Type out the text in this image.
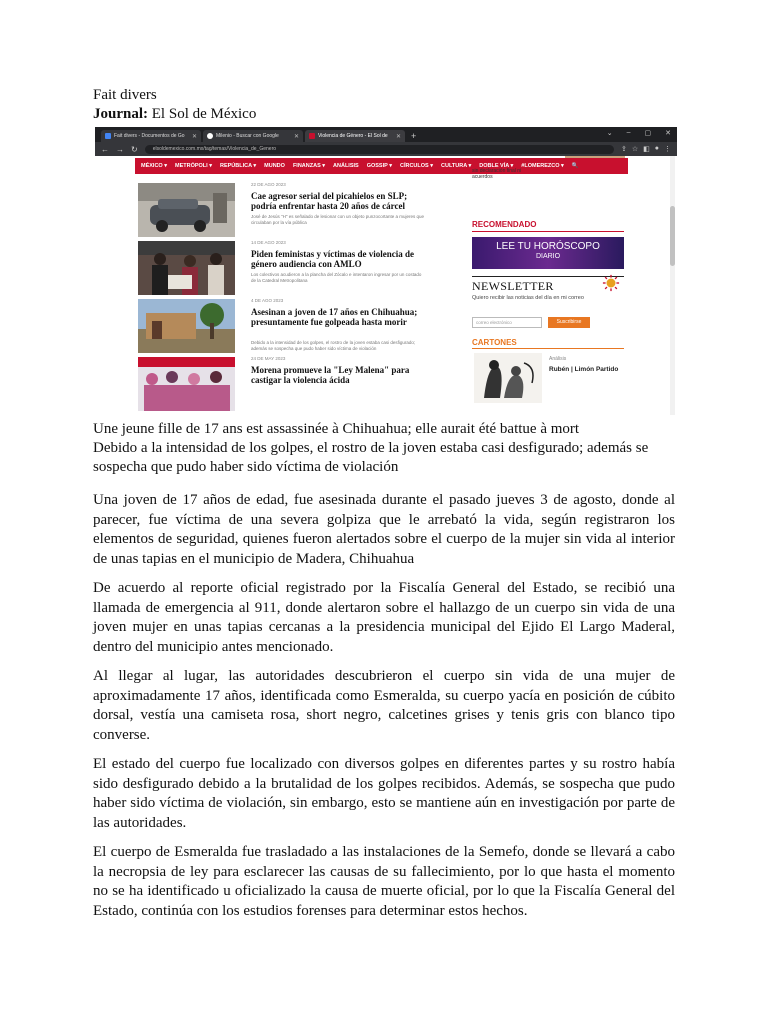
Fait divers
Journal: El Sol de México
Fait divers - Documentos de Go ✕	Milenio - Buscar con Google	✕	Violencia de Género - El Sol de ✕ +	⌄ – ▢ ✕
← → ↻	elsoldemexico.com.mx/tag/temas/Violencia_de_Genero	⇪ ☆ ◧ ● ⋮
MÉXICO ▾ METRÓPOLI ▾ REPÚBLICA ▾ MUNDO FINANZAS ▾ ANÁLISIS GOSSIP ▾ CÍRCULOS ▾ CULTURA ▾ DOBLE VÍA ▾ #LOMEREZCO ▾ 🔍
22 DE AGO 2023
Cae agresor serial del picahielos en SLP; podría enfrentar hasta 20 años de cárcel
José de Jesús "H" es señalado de lesionar con un objeto punzocortante a mujeres que circulaban por la vía pública
14 DE AGO 2023
Piden feministas y víctimas de violencia de género audiencia con AMLO
Los colectivos acudieron a la plancha del Zócalo e intentaron ingresar por un costado de la Catedral Metropolitana
4 DE AGO 2023
Asesinan a joven de 17 años en Chihuahua; presuntamente fue golpeada hasta morir
Debido a la intensidad de los golpes, el rostro de la joven estaba casi desfigurado; además se sospecha que pudo haber sido víctima de violación
24 DE MAY 2023
Morena promueve la "Ley Malena" para castigar la violencia ácida
sin declaración final ni acuerdos
RECOMENDADO
LEE TU HORÓSCOPO
DIARIO
NEWSLETTER
Quiero recibir las noticias del día en mi correo
correo electrónico	Suscribirse
CARTONES
Análisis
Rubén | Limón Partido
Une jeune fille de 17 ans est assassinée à Chihuahua; elle aurait été battue à mort
Debido a la intensidad de los golpes, el rostro de la joven estaba casi desfigurado; además se sospecha que pudo haber sido víctima de violación

Una joven de 17 años de edad, fue asesinada durante el pasado jueves 3 de agosto, donde al parecer, fue víctima de una severa golpiza que le arrebató la vida, según registraron los elementos de seguridad, quienes fueron alertados sobre el cuerpo de la mujer sin vida al interior de unas tapias en el municipio de Madera, Chihuahua

De acuerdo al reporte oficial registrado por la Fiscalía General del Estado, se recibió una llamada de emergencia al 911, donde alertaron sobre el hallazgo de un cuerpo sin vida de una joven mujer en unas tapias cercanas a la presidencia municipal del Ejido El Largo Maderal, dentro del municipio antes mencionado.

Al llegar al lugar, las autoridades descubrieron el cuerpo sin vida de una mujer de aproximadamente 17 años, identificada como Esmeralda, su cuerpo yacía en posición de cúbito dorsal, vestía una camiseta rosa, short negro, calcetines grises y tenis gris con blanco tipo converse.

El estado del cuerpo fue localizado con diversos golpes en diferentes partes y su rostro había sido desfigurado debido a la brutalidad de los golpes recibidos. Además, se sospecha que pudo haber sido víctima de violación, sin embargo, esto se mantiene aún en investigación por parte de las autoridades.

El cuerpo de Esmeralda fue trasladado a las instalaciones de la Semefo, donde se llevará a cabo la necropsia de ley para esclarecer las causas de su fallecimiento, por lo que hasta el momento no se ha identificado u oficializado la causa de muerte oficial, por lo que la Fiscalía General del Estado, continúa con los estudios forenses para determinar estos hechos.
